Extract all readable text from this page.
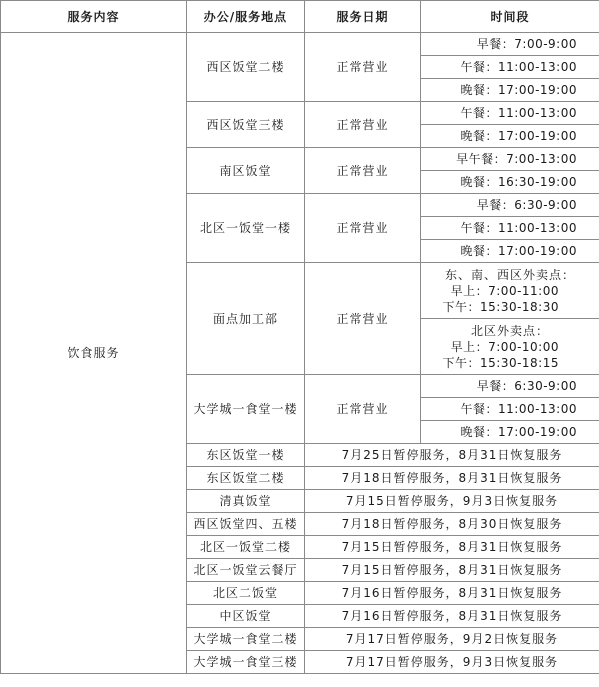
服务内容	办公/服务地点	服务日期	时间段
饮食服务	西区饭堂二楼	正常营业	早餐：7:00-9:00
			午餐：11:00-13:00
			晚餐：17:00-19:00
	西区饭堂三楼	正常营业	午餐：11:00-13:00
			晚餐：17:00-19:00
	南区饭堂	正常营业	早午餐：7:00-13:00
			晚餐：16:30-19:00
	北区一饭堂一楼	正常营业	早餐：6:30-9:00
			午餐：11:00-13:00
			晚餐：17:00-19:00
	面点加工部	正常营业	东、南、西区外卖点：
早上：7:00-11:00
下午：15:30-18:30

			北区外卖点：
早上：7:00-10:00
下午：15:30-18:15

	大学城一食堂一楼	正常营业	早餐：6:30-9:00
			午餐：11:00-13:00
			晚餐：17:00-19:00
	东区饭堂一楼	7月25日暂停服务，8月31日恢复服务	
	东区饭堂二楼	7月18日暂停服务，8月31日恢复服务	
	清真饭堂	7月15日暂停服务，9月3日恢复服务	
	西区饭堂四、五楼	7月18日暂停服务，8月30日恢复服务	
	北区一饭堂二楼	7月15日暂停服务，8月31日恢复服务	
	北区一饭堂云餐厅	7月15日暂停服务，8月31日恢复服务	
	北区二饭堂	7月16日暂停服务，8月31日恢复服务	
	中区饭堂	7月16日暂停服务，8月31日恢复服务	
	大学城一食堂二楼	7月17日暂停服务，9月2日恢复服务	
	大学城一食堂三楼	7月17日暂停服务，9月3日恢复服务	
